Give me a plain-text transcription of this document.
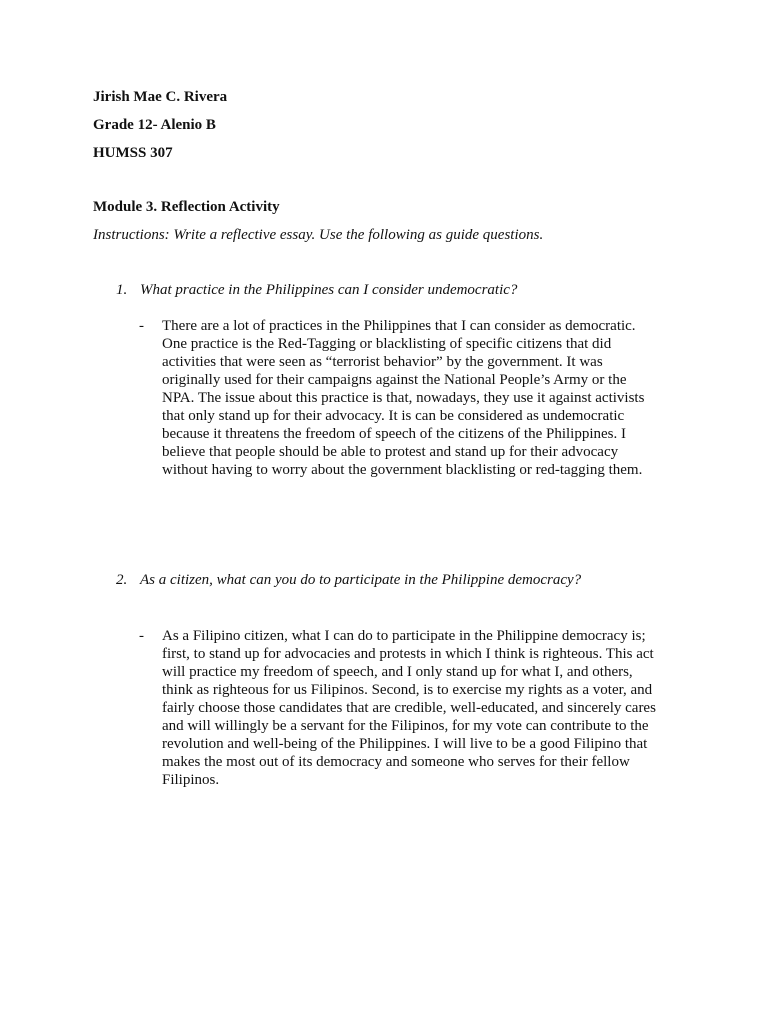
Jirish Mae C. Rivera
Grade 12- Alenio B
HUMSS 307
Module 3. Reflection Activity
Instructions: Write a reflective essay. Use the following as guide questions.
1. What practice in the Philippines can I consider undemocratic?
- There are a lot of practices in the Philippines that I can consider as democratic.
One practice is the Red-Tagging or blacklisting of specific citizens that did
activities that were seen as “terrorist behavior” by the government. It was
originally used for their campaigns against the National People’s Army or the
NPA. The issue about this practice is that, nowadays, they use it against activists
that only stand up for their advocacy. It is can be considered as undemocratic
because it threatens the freedom of speech of the citizens of the Philippines. I
believe that people should be able to protest and stand up for their advocacy
without having to worry about the government blacklisting or red-tagging them.
2. As a citizen, what can you do to participate in the Philippine democracy?
- As a Filipino citizen, what I can do to participate in the Philippine democracy is;
first, to stand up for advocacies and protests in which I think is righteous. This act
will practice my freedom of speech, and I only stand up for what I, and others,
think as righteous for us Filipinos. Second, is to exercise my rights as a voter, and
fairly choose those candidates that are credible, well-educated, and sincerely cares
and will willingly be a servant for the Filipinos, for my vote can contribute to the
revolution and well-being of the Philippines. I will live to be a good Filipino that
makes the most out of its democracy and someone who serves for their fellow
Filipinos.
